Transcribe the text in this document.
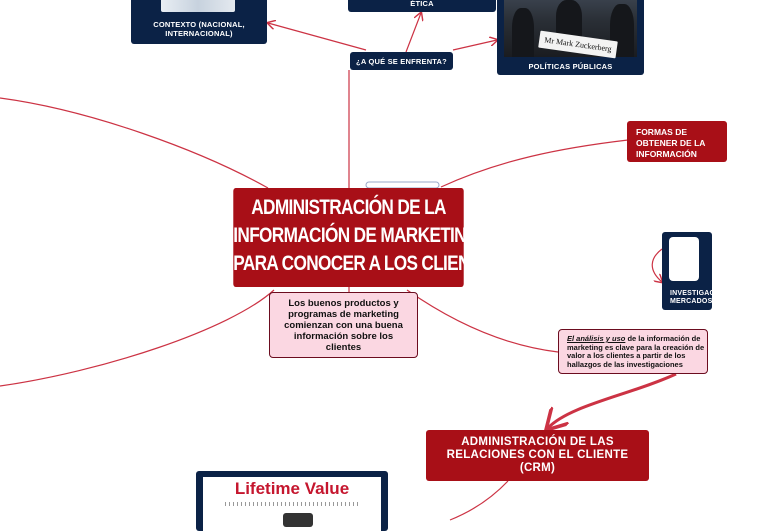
CONTEXTO (NACIONAL, INTERNACIONAL)
ÉTICA
¿A QUÉ SE ENFRENTA?
Mr Mark Zuckerberg
POLÍTICAS PÚBLICAS
ADMINISTRACIÓN DE LA
INFORMACIÓN DE MARKETING
PARA CONOCER A LOS CLIENTES
Los buenos productos y programas de marketing comienzan con una buena información sobre los clientes
FORMAS DE OBTENER DE LA INFORMACIÓN NECESARIA
INVESTIGACIÓN DE MERCADOS
El análisis y uso de la información de marketing es clave para la creación de valor a los clientes a partir de los hallazgos de las investigaciones
ADMINISTRACIÓN DE LAS
RELACIONES CON EL CLIENTE
(CRM)
Lifetime Value
